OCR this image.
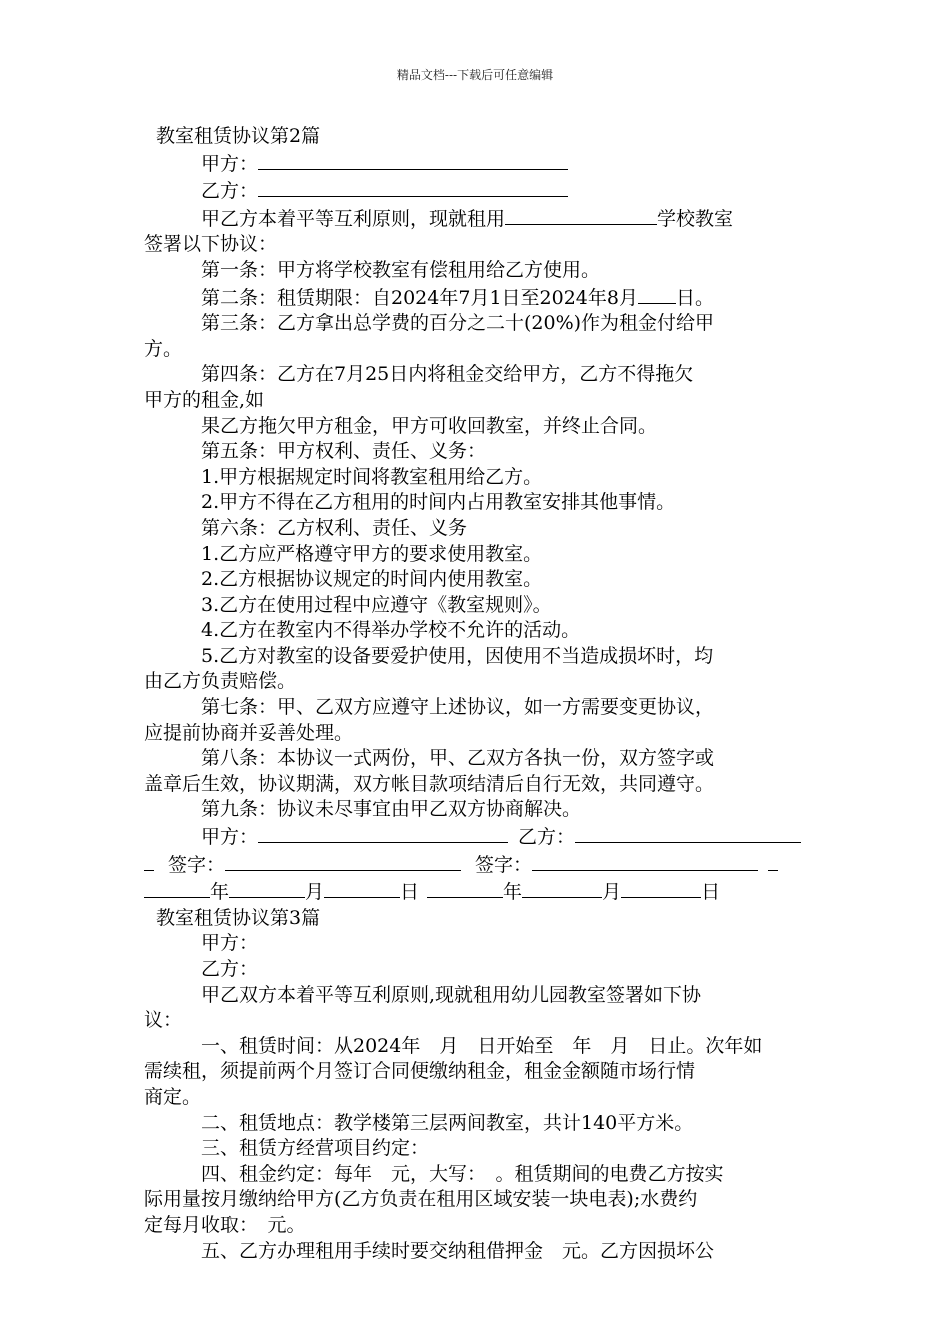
精品文档---下载后可任意编辑
教室租赁协议第2篇
甲方：
乙方：
甲乙方本着平等互利原则，现就租用	学校教室
签署以下协议：
第一条：甲方将学校教室有偿租用给乙方使用。
第二条：租赁期限：自2024年7月1日至2024年8月 日。
第三条：乙方拿出总学费的百分之二十(20%)作为租金付给甲
方。
第四条：乙方在7月25日内将租金交给甲方，乙方不得拖欠
甲方的租金,如
果乙方拖欠甲方租金，甲方可收回教室，并终止合同。
第五条：甲方权利、责任、义务：
1.甲方根据规定时间将教室租用给乙方。
2.甲方不得在乙方租用的时间内占用教室安排其他事情。
第六条：乙方权利、责任、义务
1.乙方应严格遵守甲方的要求使用教室。
2.乙方根据协议规定的时间内使用教室。
3.乙方在使用过程中应遵守《教室规则》。
4.乙方在教室内不得举办学校不允许的活动。
5.乙方对教室的设备要爱护使用，因使用不当造成损坏时，均
由乙方负责赔偿。
第七条：甲、乙双方应遵守上述协议，如一方需要变更协议，
应提前协商并妥善处理。
第八条：本协议一式两份，甲、乙双方各执一份，双方签字或
盖章后生效，协议期满，双方帐目款项结清后自行无效，共同遵守。
第九条：协议未尽事宜由甲乙双方协商解决。
甲方：	乙方：
签字：	签字：
年	月	日	年	月	日
教室租赁协议第3篇
甲方：
乙方：
甲乙双方本着平等互利原则,现就租用幼儿园教室签署如下协
议：
一、租赁时间：从2024年　月　日开始至　年　月　日止。次年如
需续租，须提前两个月签订合同便缴纳租金，租金金额随市场行情
商定。
二、租赁地点：教学楼第三层两间教室，共计140平方米。
三、租赁方经营项目约定：
四、租金约定：每年　元，大写：　。租赁期间的电费乙方按实
际用量按月缴纳给甲方(乙方负责在租用区域安装一块电表);水费约
定每月收取：　元。
五、乙方办理租用手续时要交纳租借押金　元。乙方因损坏公
